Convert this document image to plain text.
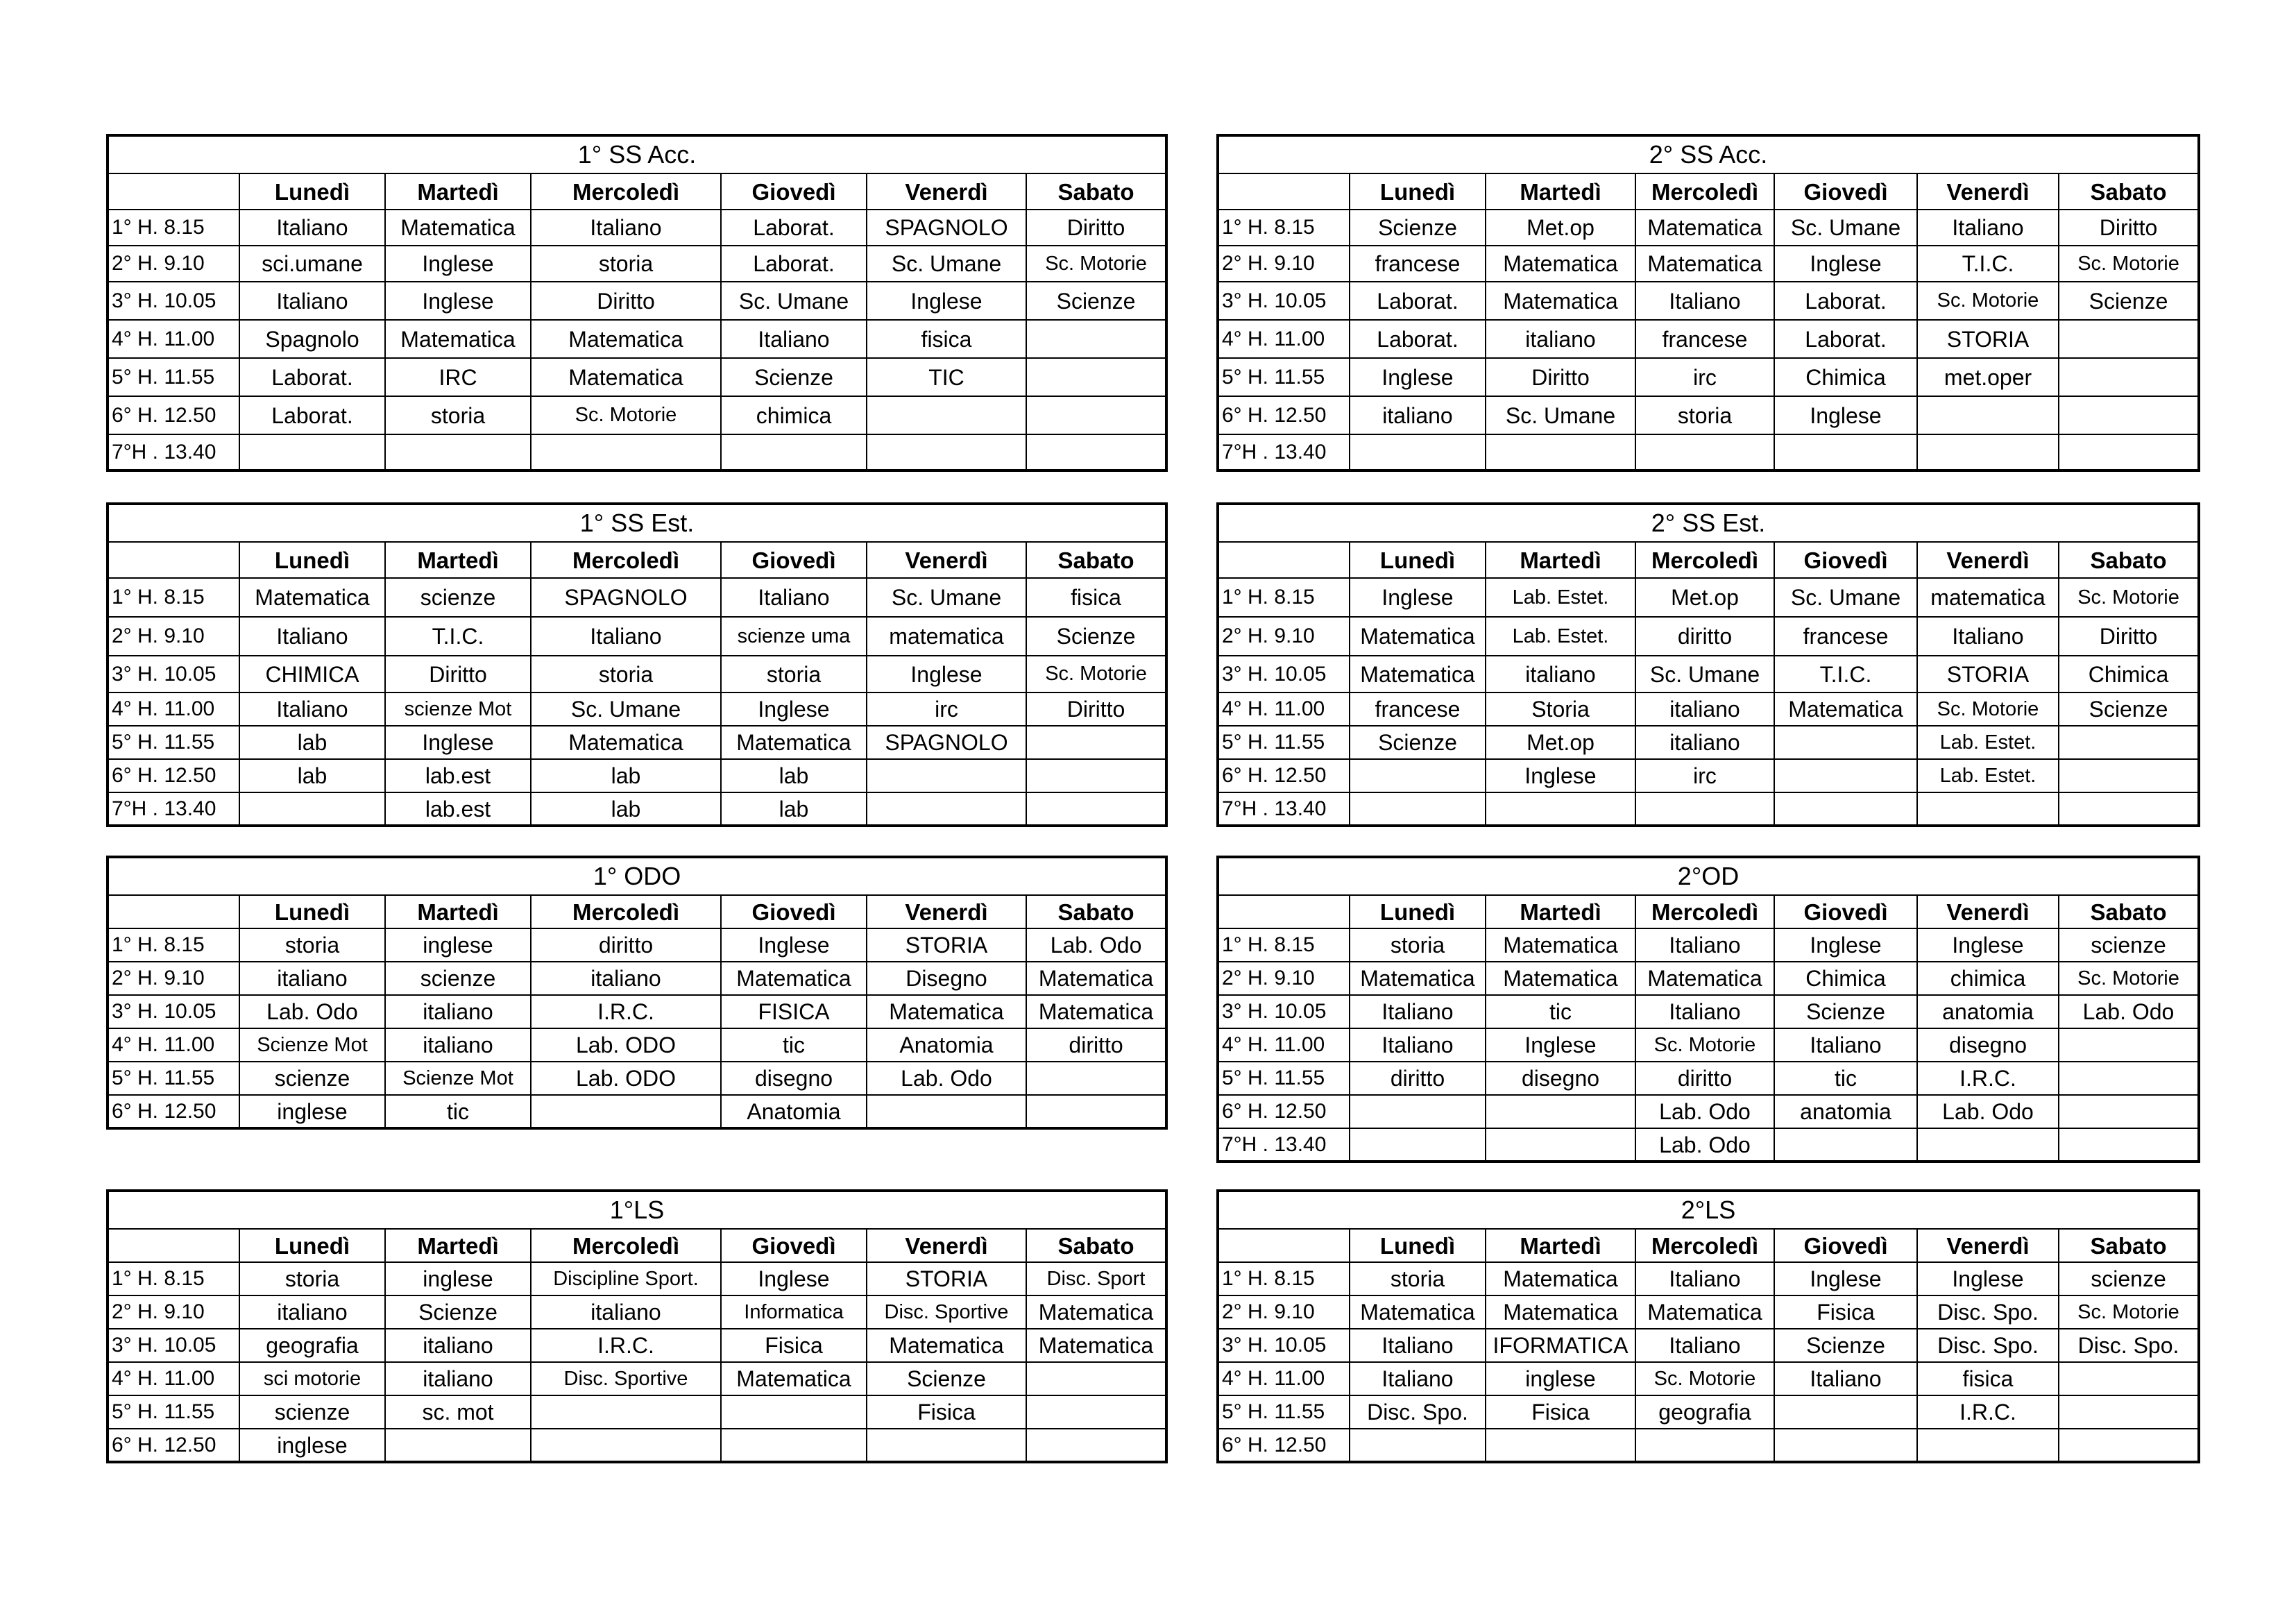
1° SS Acc.						
	Lunedì	Martedì	Mercoledì	Giovedì	Venerdì	Sabato
1° H. 8.15	Italiano	Matematica	Italiano	Laborat.	SPAGNOLO	Diritto
2° H. 9.10	sci.umane	Inglese	storia	Laborat.	Sc. Umane	Sc. Motorie
3° H. 10.05	Italiano	Inglese	Diritto	Sc. Umane	Inglese	Scienze
4° H. 11.00	Spagnolo	Matematica	Matematica	Italiano	fisica	
5° H. 11.55	Laborat.	IRC	Matematica	Scienze	TIC	
6° H. 12.50	Laborat.	storia	Sc. Motorie	chimica		
7°H . 13.40						
2° SS Acc.						
	Lunedì	Martedì	Mercoledì	Giovedì	Venerdì	Sabato
1° H. 8.15	Scienze	Met.op	Matematica	Sc. Umane	Italiano	Diritto
2° H. 9.10	francese	Matematica	Matematica	Inglese	T.I.C.	Sc. Motorie
3° H. 10.05	Laborat.	Matematica	Italiano	Laborat.	Sc. Motorie	Scienze
4° H. 11.00	Laborat.	italiano	francese	Laborat.	STORIA	
5° H. 11.55	Inglese	Diritto	irc	Chimica	met.oper	
6° H. 12.50	italiano	Sc. Umane	storia	Inglese		
7°H . 13.40						
1° SS Est.						
	Lunedì	Martedì	Mercoledì	Giovedì	Venerdì	Sabato
1° H. 8.15	Matematica	scienze	SPAGNOLO	Italiano	Sc. Umane	fisica
2° H. 9.10	Italiano	T.I.C.	Italiano	scienze uma	matematica	Scienze
3° H. 10.05	CHIMICA	Diritto	storia	storia	Inglese	Sc. Motorie
4° H. 11.00	Italiano	scienze Mot	Sc. Umane	Inglese	irc	Diritto
5° H. 11.55	lab	Inglese	Matematica	Matematica	SPAGNOLO	
6° H. 12.50	lab	lab.est	lab	lab		
7°H . 13.40		lab.est	lab	lab		
2° SS Est.						
	Lunedì	Martedì	Mercoledì	Giovedì	Venerdì	Sabato
1° H. 8.15	Inglese	Lab. Estet.	Met.op	Sc. Umane	matematica	Sc. Motorie
2° H. 9.10	Matematica	Lab. Estet.	diritto	francese	Italiano	Diritto
3° H. 10.05	Matematica	italiano	Sc. Umane	T.I.C.	STORIA	Chimica
4° H. 11.00	francese	Storia	italiano	Matematica	Sc. Motorie	Scienze
5° H. 11.55	Scienze	Met.op	italiano		Lab. Estet.	
6° H. 12.50		Inglese	irc		Lab. Estet.	
7°H . 13.40						
1° ODO						
	Lunedì	Martedì	Mercoledì	Giovedì	Venerdì	Sabato
1° H. 8.15	storia	inglese	diritto	Inglese	STORIA	Lab. Odo
2° H. 9.10	italiano	scienze	italiano	Matematica	Disegno	Matematica
3° H. 10.05	Lab. Odo	italiano	I.R.C.	FISICA	Matematica	Matematica
4° H. 11.00	Scienze Mot	italiano	Lab. ODO	tic	Anatomia	diritto
5° H. 11.55	scienze	Scienze Mot	Lab. ODO	disegno	Lab. Odo	
6° H. 12.50	inglese	tic		Anatomia		
2°OD						
	Lunedì	Martedì	Mercoledì	Giovedì	Venerdì	Sabato
1° H. 8.15	storia	Matematica	Italiano	Inglese	Inglese	scienze
2° H. 9.10	Matematica	Matematica	Matematica	Chimica	chimica	Sc. Motorie
3° H. 10.05	Italiano	tic	Italiano	Scienze	anatomia	Lab. Odo
4° H. 11.00	Italiano	Inglese	Sc. Motorie	Italiano	disegno	
5° H. 11.55	diritto	disegno	diritto	tic	I.R.C.	
6° H. 12.50			Lab. Odo	anatomia	Lab. Odo	
7°H . 13.40			Lab. Odo			
1°LS						
	Lunedì	Martedì	Mercoledì	Giovedì	Venerdì	Sabato
1° H. 8.15	storia	inglese	Discipline Sport.	Inglese	STORIA	Disc. Sport
2° H. 9.10	italiano	Scienze	italiano	Informatica	Disc. Sportive	Matematica
3° H. 10.05	geografia	italiano	I.R.C.	Fisica	Matematica	Matematica
4° H. 11.00	sci motorie	italiano	Disc. Sportive	Matematica	Scienze	
5° H. 11.55	scienze	sc. mot			Fisica	
6° H. 12.50	inglese					
2°LS						
	Lunedì	Martedì	Mercoledì	Giovedì	Venerdì	Sabato
1° H. 8.15	storia	Matematica	Italiano	Inglese	Inglese	scienze
2° H. 9.10	Matematica	Matematica	Matematica	Fisica	Disc. Spo.	Sc. Motorie
3° H. 10.05	Italiano	IFORMATICA	Italiano	Scienze	Disc. Spo.	Disc. Spo.
4° H. 11.00	Italiano	inglese	Sc. Motorie	Italiano	fisica	
5° H. 11.55	Disc. Spo.	Fisica	geografia		I.R.C.	
6° H. 12.50						
